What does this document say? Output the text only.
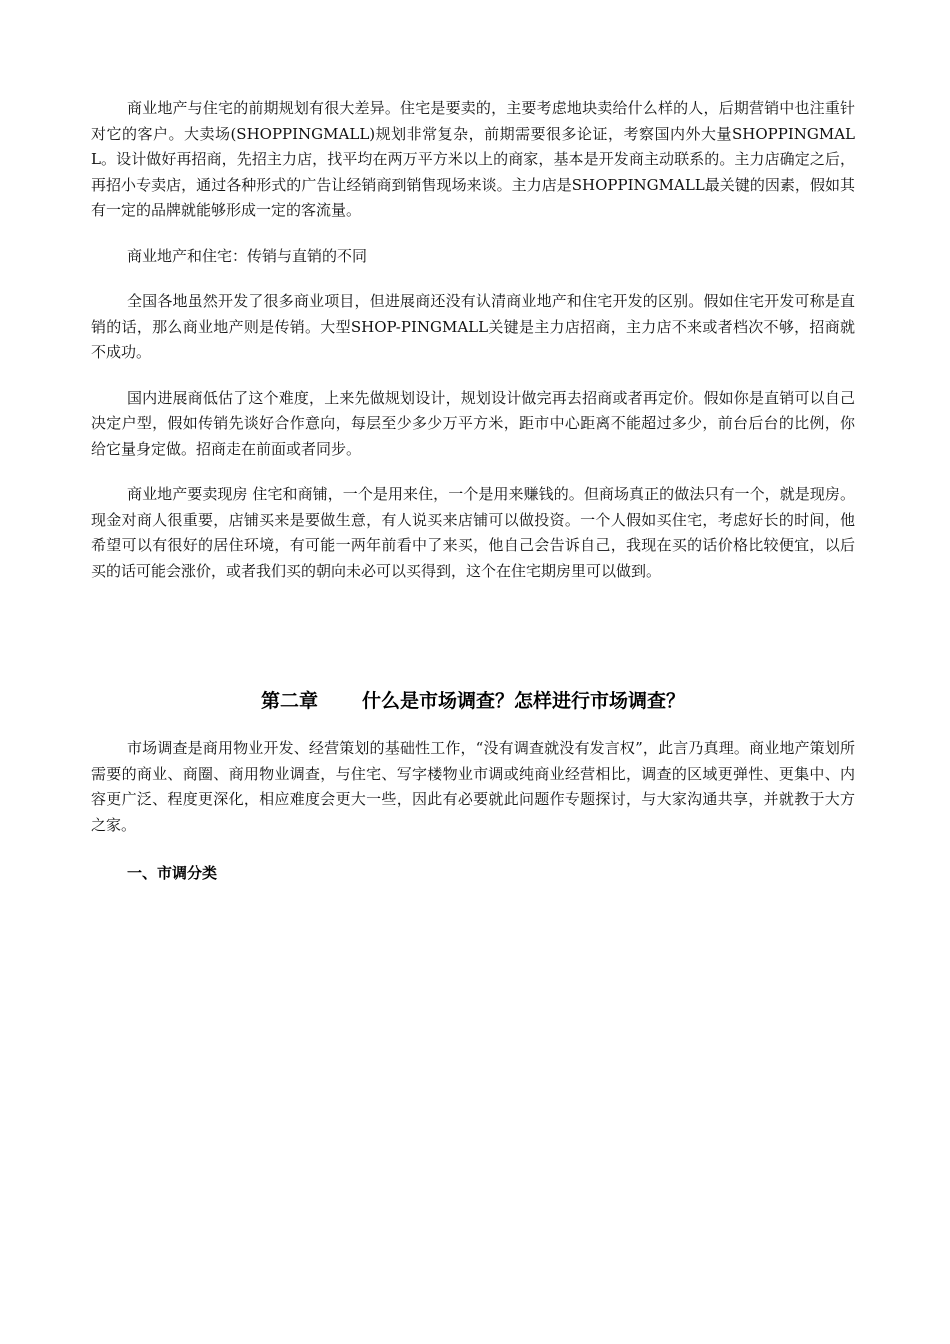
商业地产与住宅的前期规划有很大差异。住宅是要卖的，主要考虑地块卖给什么样的人，后期营销中也注重针对它的客户。大卖场(SHOPPINGMALL)规划非常复杂，前期需要很多论证，考察国内外大量SHOPPINGMALL。设计做好再招商，先招主力店，找平均在两万平方米以上的商家，基本是开发商主动联系的。主力店确定之后，再招小专卖店，通过各种形式的广告让经销商到销售现场来谈。主力店是SHOPPINGMALL最关键的因素，假如其有一定的品牌就能够形成一定的客流量。

商业地产和住宅：传销与直销的不同

全国各地虽然开发了很多商业项目，但进展商还没有认清商业地产和住宅开发的区别。假如住宅开发可称是直销的话，那么商业地产则是传销。大型SHOP-PINGMALL关键是主力店招商，主力店不来或者档次不够，招商就不成功。

国内进展商低估了这个难度，上来先做规划设计，规划设计做完再去招商或者再定价。假如你是直销可以自己决定户型，假如传销先谈好合作意向，每层至少多少万平方米，距市中心距离不能超过多少，前台后台的比例，你给它量身定做。招商走在前面或者同步。

商业地产要卖现房 住宅和商铺，一个是用来住，一个是用来赚钱的。但商场真正的做法只有一个，就是现房。现金对商人很重要，店铺买来是要做生意，有人说买来店铺可以做投资。一个人假如买住宅，考虑好长的时间，他希望可以有很好的居住环境，有可能一两年前看中了来买，他自己会告诉自己，我现在买的话价格比较便宜，以后买的话可能会涨价，或者我们买的朝向未必可以买得到，这个在住宅期房里可以做到。

第二章 什么是市场调查？怎样进行市场调查？

市场调查是商用物业开发、经营策划的基础性工作，“没有调查就没有发言权”，此言乃真理。商业地产策划所需要的商业、商圈、商用物业调查，与住宅、写字楼物业市调或纯商业经营相比，调查的区域更弹性、更集中、内容更广泛、程度更深化，相应难度会更大一些，因此有必要就此问题作专题探讨，与大家沟通共享，并就教于大方之家。

一、市调分类
